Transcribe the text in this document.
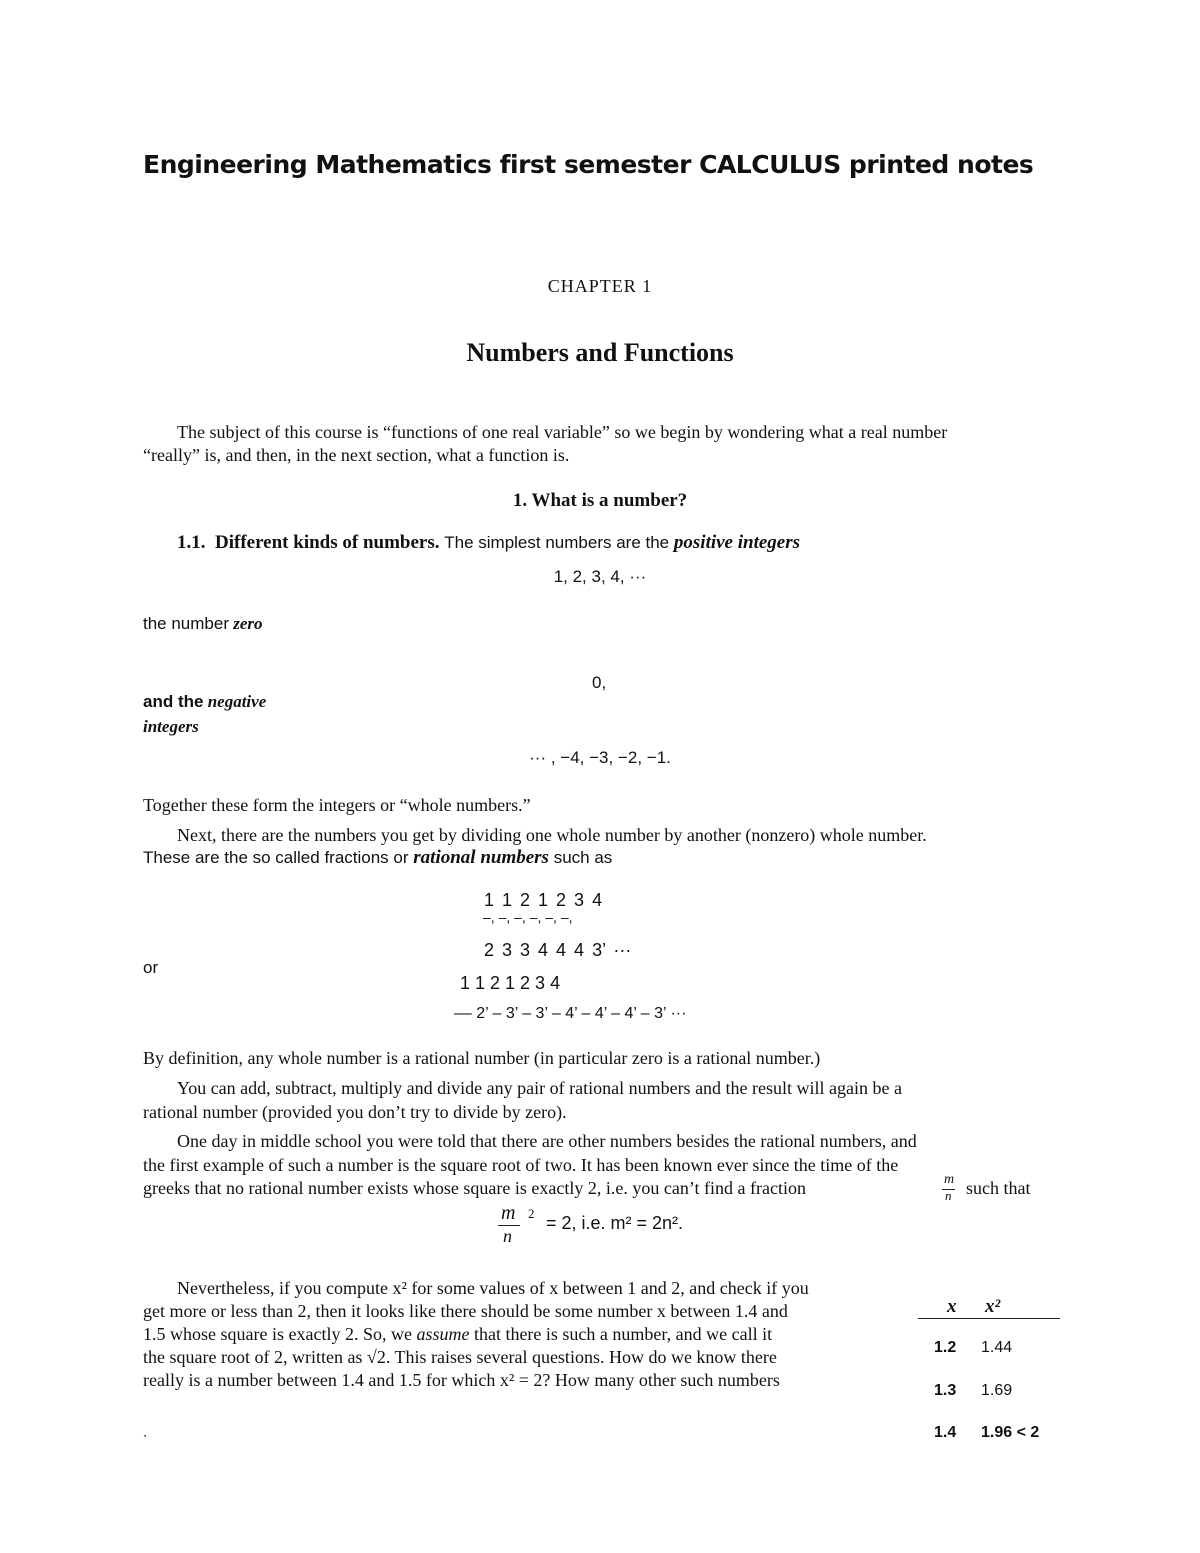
Engineering Mathematics first semester CALCULUS printed notes
CHAPTER 1
Numbers and Functions
The subject of this course is “functions of one real variable” so we begin by wondering what a real number
“really” is, and then, in the next section, what a function is.
1. What is a number?
1.1. Different kinds of numbers. The simplest numbers are the positive integers
1, 2, 3, 4, ···
the number zero
0,
and the negative
integers
··· , −4, −3, −2, −1.
Together these form the integers or “whole numbers.”
Next, there are the numbers you get by dividing one whole number by another (nonzero) whole number.
These are the so called fractions or rational numbers such as
1 1 2 1 2 3 4
–, –, –, –, –, –,
2 3 3 4 4 4 3’ ···
or
1 1 2 1 2 3 4
–– 2’ – 3’ – 3’ – 4’ – 4’ – 4’ – 3’ ···
By definition, any whole number is a rational number (in particular zero is a rational number.)
You can add, subtract, multiply and divide any pair of rational numbers and the result will again be a
rational number (provided you don’t try to divide by zero).
One day in middle school you were told that there are other numbers besides the rational numbers, and
the first example of such a number is the square root of two. It has been known ever since the time of the
greeks that no rational number exists whose square is exactly 2, i.e. you can’t find a fraction	m
n such that
m
n
2 = 2, i.e. m² = 2n².
Nevertheless, if you compute x² for some values of x between 1 and 2, and check if you
get more or less than 2, then it looks like there should be some number x between 1.4 and
1.5 whose square is exactly 2. So, we assume that there is such a number, and we call it
the square root of 2, written as √2. This raises several questions. How do we know there
really is a number between 1.4 and 1.5 for which x² = 2? How many other such numbers
x x²
1.2 1.44
1.3 1.69
1.4 1.96 < 2
ˎ
